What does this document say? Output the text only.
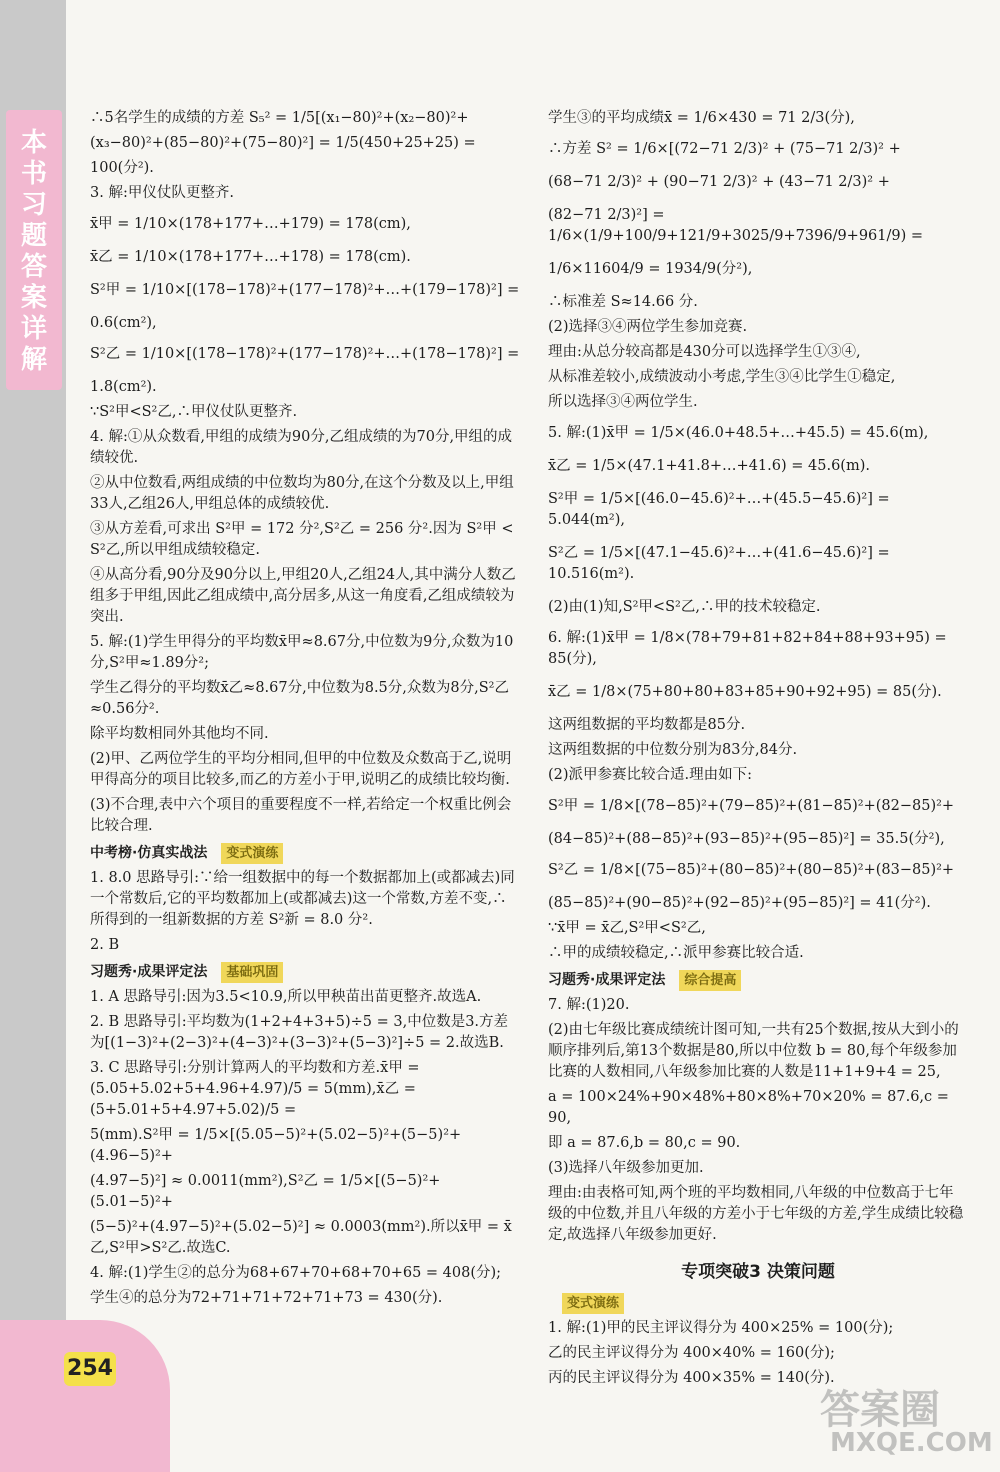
本书习题答案详解

∴5名学生的成绩的方差 S₅² = 1/5[(x₁−80)²+(x₂−80)²+

(x₃−80)²+(85−80)²+(75−80)²] = 1/5(450+25+25) =

100(分²).

3. 解:甲仪仗队更整齐.

x̄甲 = 1/10×(178+177+…+179) = 178(cm),

x̄乙 = 1/10×(178+177+…+178) = 178(cm).

S²甲 = 1/10×[(178−178)²+(177−178)²+…+(179−178)²] =

0.6(cm²),

S²乙 = 1/10×[(178−178)²+(177−178)²+…+(178−178)²] =

1.8(cm²).

∵S²甲<S²乙,∴甲仪仗队更整齐.

4. 解:①从众数看,甲组的成绩为90分,乙组成绩的为70分,甲组的成绩较优.

②从中位数看,两组成绩的中位数均为80分,在这个分数及以上,甲组33人,乙组26人,甲组总体的成绩较优.

③从方差看,可求出 S²甲 = 172 分²,S²乙 = 256 分².因为 S²甲 < S²乙,所以甲组成绩较稳定.

④从高分看,90分及90分以上,甲组20人,乙组24人,其中满分人数乙组多于甲组,因此乙组成绩中,高分居多,从这一角度看,乙组成绩较为突出.

5. 解:(1)学生甲得分的平均数x̄甲≈8.67分,中位数为9分,众数为10分,S²甲≈1.89分²;

学生乙得分的平均数x̄乙≈8.67分,中位数为8.5分,众数为8分,S²乙≈0.56分².

除平均数相同外其他均不同.

(2)甲、乙两位学生的平均分相同,但甲的中位数及众数高于乙,说明甲得高分的项目比较多,而乙的方差小于甲,说明乙的成绩比较均衡.

(3)不合理,表中六个项目的重要程度不一样,若给定一个权重比例会比较合理.

中考榜·仿真实战法 变式演练

1. 8.0 思路导引:∵给一组数据中的每一个数据都加上(或都减去)同一个常数后,它的平均数都加上(或都减去)这一个常数,方差不变,∴所得到的一组新数据的方差 S²新 = 8.0 分².

2. B

习题秀·成果评定法 基础巩固

1. A 思路导引:因为3.5<10.9,所以甲秧苗出苗更整齐.故选A.

2. B 思路导引:平均数为(1+2+4+3+5)÷5 = 3,中位数是3.方差为[(1−3)²+(2−3)²+(4−3)²+(3−3)²+(5−3)²]÷5 = 2.故选B.

3. C 思路导引:分别计算两人的平均数和方差.x̄甲 = (5.05+5.02+5+4.96+4.97)/5 = 5(mm),x̄乙 = (5+5.01+5+4.97+5.02)/5 =

5(mm).S²甲 = 1/5×[(5.05−5)²+(5.02−5)²+(5−5)²+(4.96−5)²+

(4.97−5)²] ≈ 0.0011(mm²),S²乙 = 1/5×[(5−5)²+(5.01−5)²+

(5−5)²+(4.97−5)²+(5.02−5)²] ≈ 0.0003(mm²).所以x̄甲 = x̄乙,S²甲>S²乙.故选C.

4. 解:(1)学生②的总分为68+67+70+68+70+65 = 408(分);

学生④的总分为72+71+71+72+71+73 = 430(分).

学生③的平均成绩x̄ = 1/6×430 = 71 2/3(分),

∴方差 S² = 1/6×[(72−71 2/3)² + (75−71 2/3)² +

(68−71 2/3)² + (90−71 2/3)² + (43−71 2/3)² +

(82−71 2/3)²] = 1/6×(1/9+100/9+121/9+3025/9+7396/9+961/9) =

1/6×11604/9 = 1934/9(分²),

∴标准差 S≈14.66 分.

(2)选择③④两位学生参加竞赛.

理由:从总分较高都是430分可以选择学生①③④,

从标准差较小,成绩波动小考虑,学生③④比学生①稳定,

所以选择③④两位学生.

5. 解:(1)x̄甲 = 1/5×(46.0+48.5+…+45.5) = 45.6(m),

x̄乙 = 1/5×(47.1+41.8+…+41.6) = 45.6(m).

S²甲 = 1/5×[(46.0−45.6)²+…+(45.5−45.6)²] = 5.044(m²),

S²乙 = 1/5×[(47.1−45.6)²+…+(41.6−45.6)²] = 10.516(m²).

(2)由(1)知,S²甲<S²乙,∴甲的技术较稳定.

6. 解:(1)x̄甲 = 1/8×(78+79+81+82+84+88+93+95) = 85(分),

x̄乙 = 1/8×(75+80+80+83+85+90+92+95) = 85(分).

这两组数据的平均数都是85分.

这两组数据的中位数分别为83分,84分.

(2)派甲参赛比较合适.理由如下:

S²甲 = 1/8×[(78−85)²+(79−85)²+(81−85)²+(82−85)²+

(84−85)²+(88−85)²+(93−85)²+(95−85)²] = 35.5(分²),

S²乙 = 1/8×[(75−85)²+(80−85)²+(80−85)²+(83−85)²+

(85−85)²+(90−85)²+(92−85)²+(95−85)²] = 41(分²).

∵x̄甲 = x̄乙,S²甲<S²乙,

∴甲的成绩较稳定,∴派甲参赛比较合适.

习题秀·成果评定法 综合提高

7. 解:(1)20.

(2)由七年级比赛成绩统计图可知,一共有25个数据,按从大到小的顺序排列后,第13个数据是80,所以中位数 b = 80,每个年级参加比赛的人数相同,八年级参加比赛的人数是11+1+9+4 = 25,

a = 100×24%+90×48%+80×8%+70×20% = 87.6,c = 90,

即 a = 87.6,b = 80,c = 90.

(3)选择八年级参加更加.

理由:由表格可知,两个班的平均数相同,八年级的中位数高于七年级的中位数,并且八年级的方差小于七年级的方差,学生成绩比较稳定,故选择八年级参加更好.

专项突破3 决策问题

变式演练

1. 解:(1)甲的民主评议得分为 400×25% = 100(分);

乙的民主评议得分为 400×40% = 160(分);

丙的民主评议得分为 400×35% = 140(分).

254
答案圈
MXQE.COM
